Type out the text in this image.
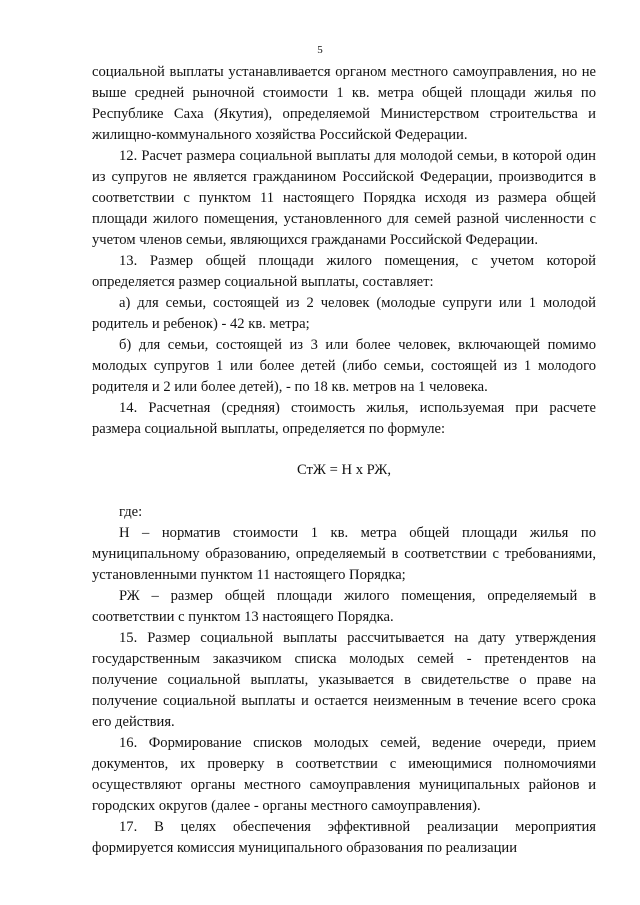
5

социальной выплаты устанавливается органом местного самоуправления, но не выше средней рыночной стоимости 1 кв. метра общей площади жилья по Республике Саха (Якутия), определяемой Министерством строительства и жилищно-коммунального хозяйства Российской Федерации.

12. Расчет размера социальной выплаты для молодой семьи, в которой один из супругов не является гражданином Российской Федерации, производится в соответствии с пунктом 11 настоящего Порядка исходя из размера общей площади жилого помещения, установленного для семей разной численности с учетом членов семьи, являющихся гражданами Российской Федерации.

13. Размер общей площади жилого помещения, с учетом которой определяется размер социальной выплаты, составляет:

а) для семьи, состоящей из 2 человек (молодые супруги или 1 молодой родитель и ребенок) - 42 кв. метра;

б) для семьи, состоящей из 3 или более человек, включающей помимо молодых супругов 1 или более детей (либо семьи, состоящей из 1 молодого родителя и 2 или более детей), - по 18 кв. метров на 1 человека.

14. Расчетная (средняя) стоимость жилья, используемая при расчете размера социальной выплаты, определяется по формуле:

СтЖ = Н х РЖ,

где:

Н – норматив стоимости 1 кв. метра общей площади жилья по муниципальному образованию, определяемый в соответствии с требованиями, установленными пунктом 11 настоящего Порядка;

РЖ – размер общей площади жилого помещения, определяемый в соответствии с пунктом 13 настоящего Порядка.

15. Размер социальной выплаты рассчитывается на дату утверждения государственным заказчиком списка молодых семей - претендентов на получение социальной выплаты, указывается в свидетельстве о праве на получение социальной выплаты и остается неизменным в течение всего срока его действия.

16. Формирование списков молодых семей, ведение очереди, прием документов, их проверку в соответствии с имеющимися полномочиями осуществляют органы местного самоуправления муниципальных районов и городских округов (далее - органы местного самоуправления).

17. В целях обеспечения эффективной реализации мероприятия формируется комиссия муниципального образования по реализации
